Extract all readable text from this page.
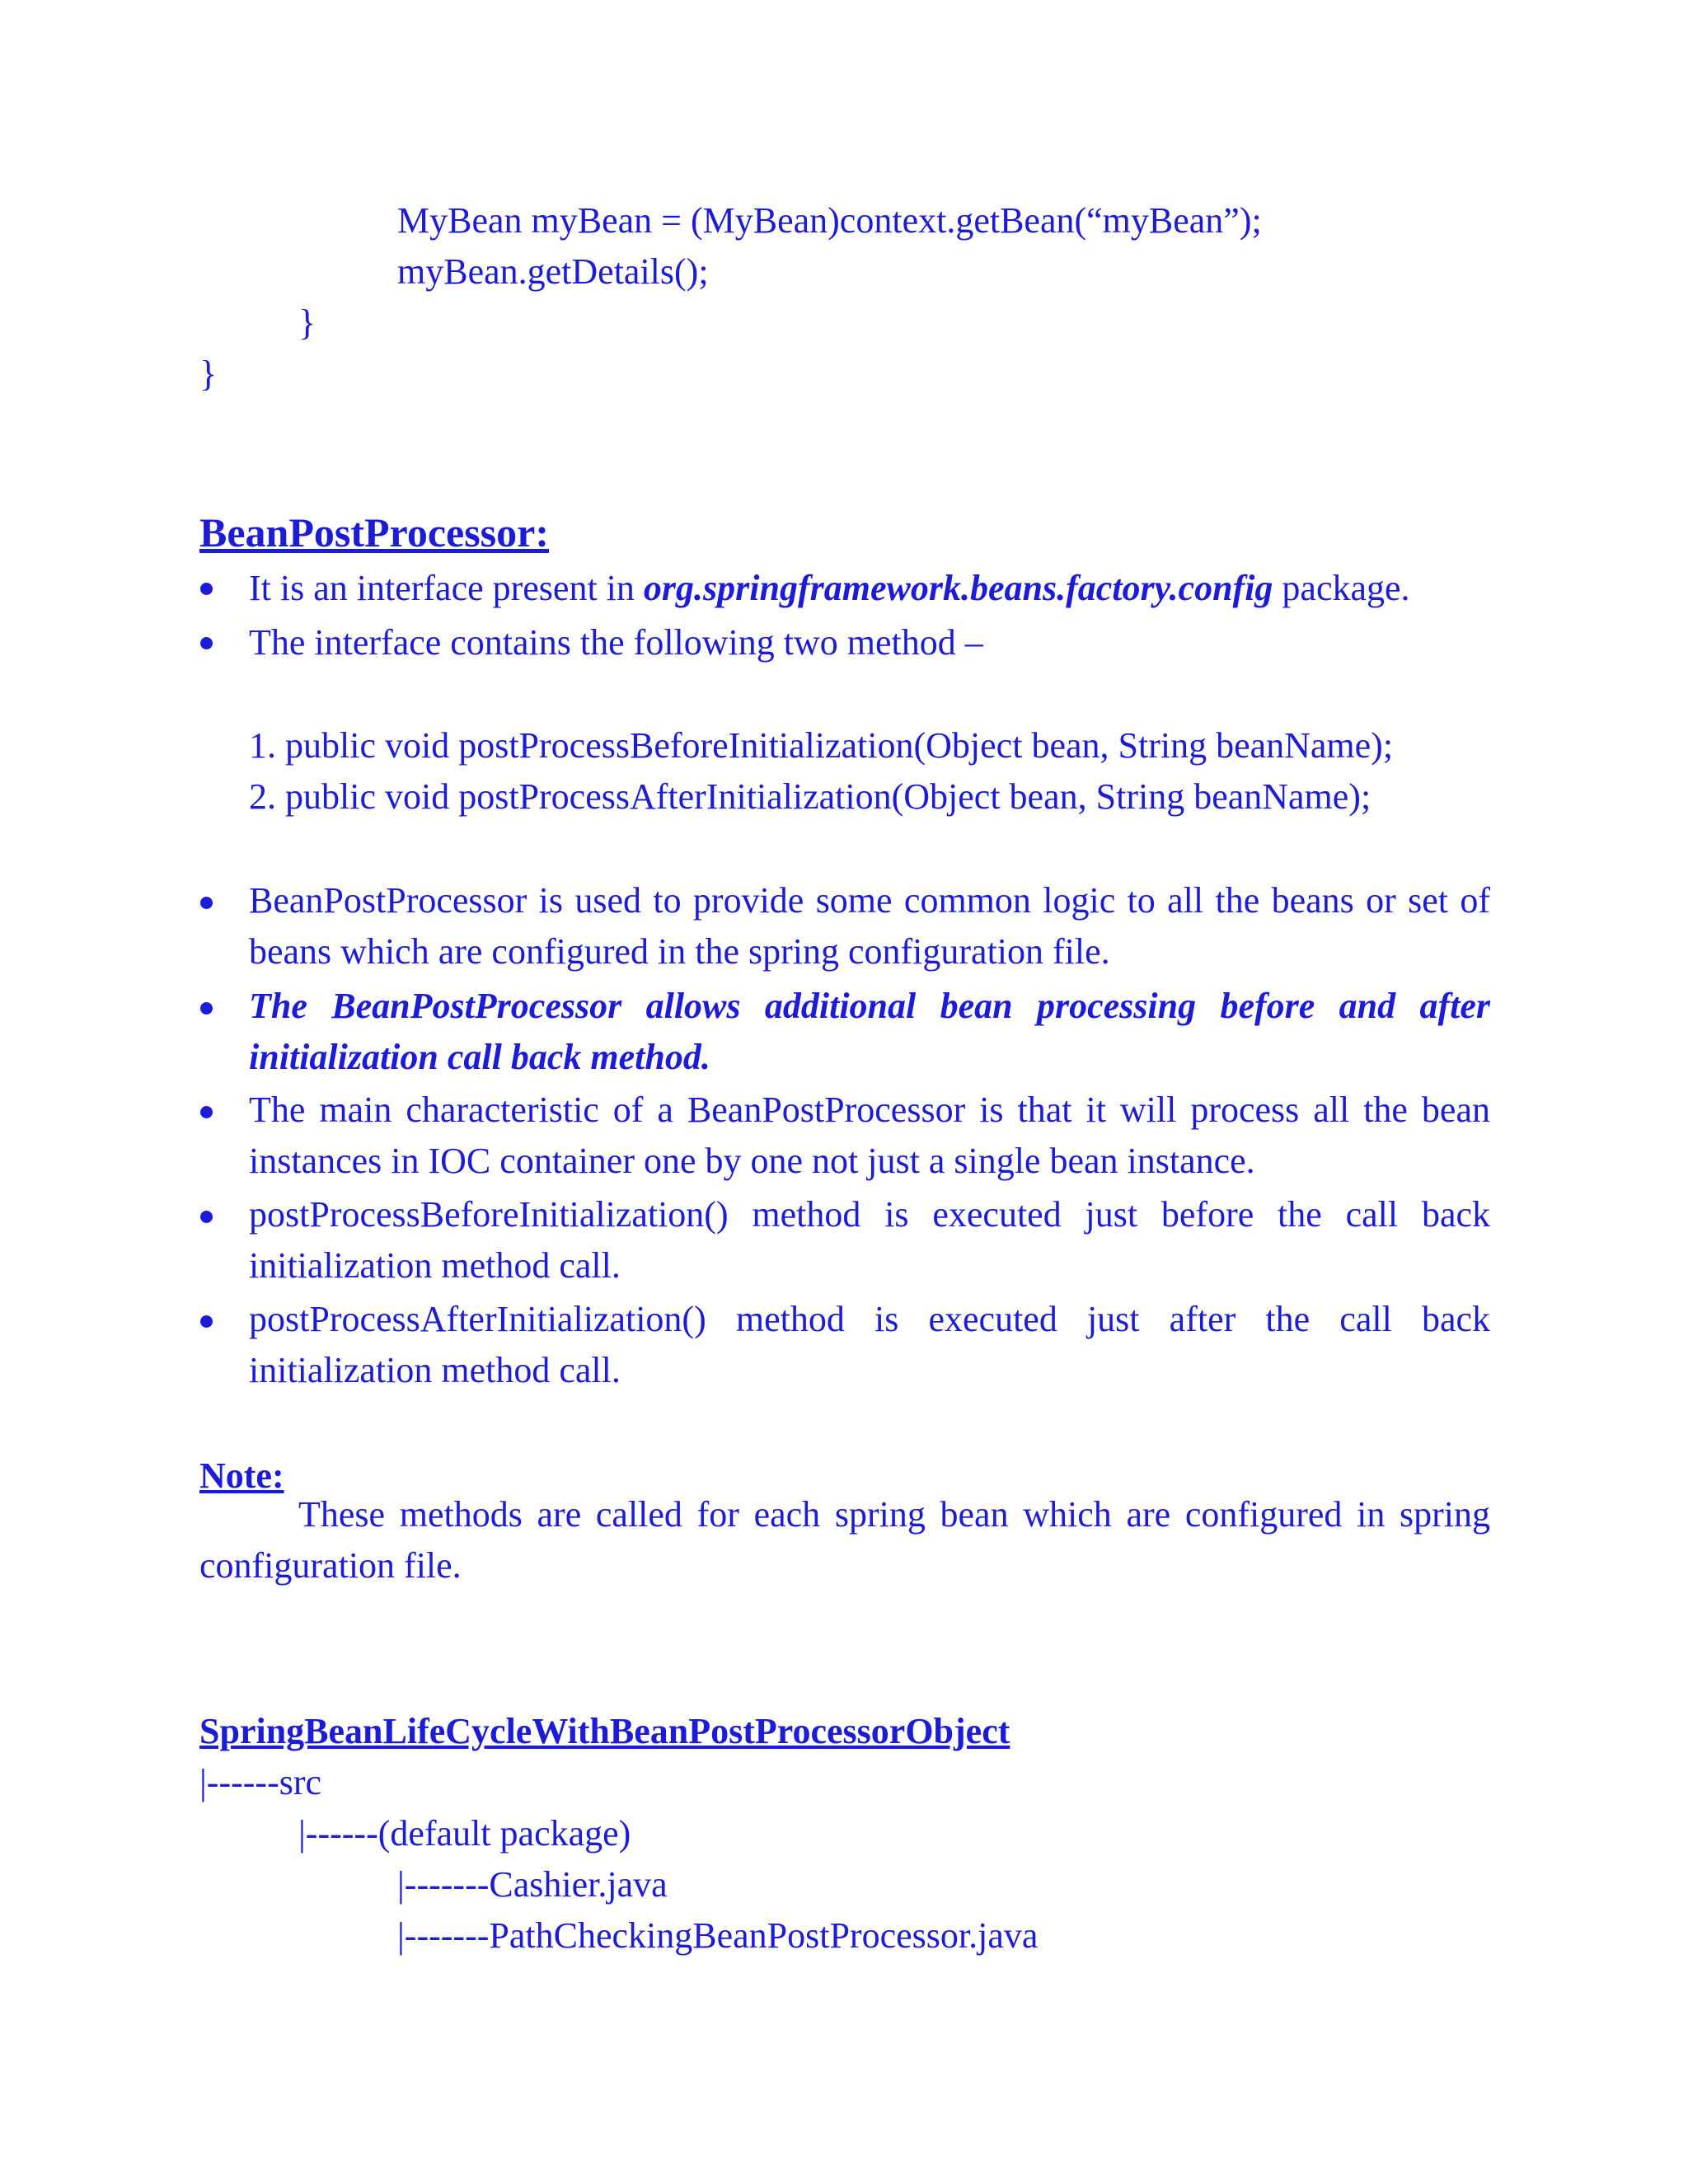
MyBean myBean = (MyBean)context.getBean(“myBean”);
myBean.getDetails();
}
}
BeanPostProcessor:
It is an interface present in org.springframework.beans.factory.config package.
The interface contains the following two method –
1. public void postProcessBeforeInitialization(Object bean, String beanName);
2. public void postProcessAfterInitialization(Object bean, String beanName);
BeanPostProcessor is used to provide some common logic to all the beans or set of beans which are configured in the spring configuration file.
The BeanPostProcessor allows additional bean processing before and after initialization call back method.
The main characteristic of a BeanPostProcessor is that it will process all the bean instances in IOC container one by one not just a single bean instance.
postProcessBeforeInitialization() method is executed just before the call back initialization method call.
postProcessAfterInitialization() method is executed just after the call back initialization method call.
Note:
These methods are called for each spring bean which are configured in spring configuration file.
SpringBeanLifeCycleWithBeanPostProcessorObject
|------src
|------(default package)
|-------Cashier.java
|-------PathCheckingBeanPostProcessor.java
